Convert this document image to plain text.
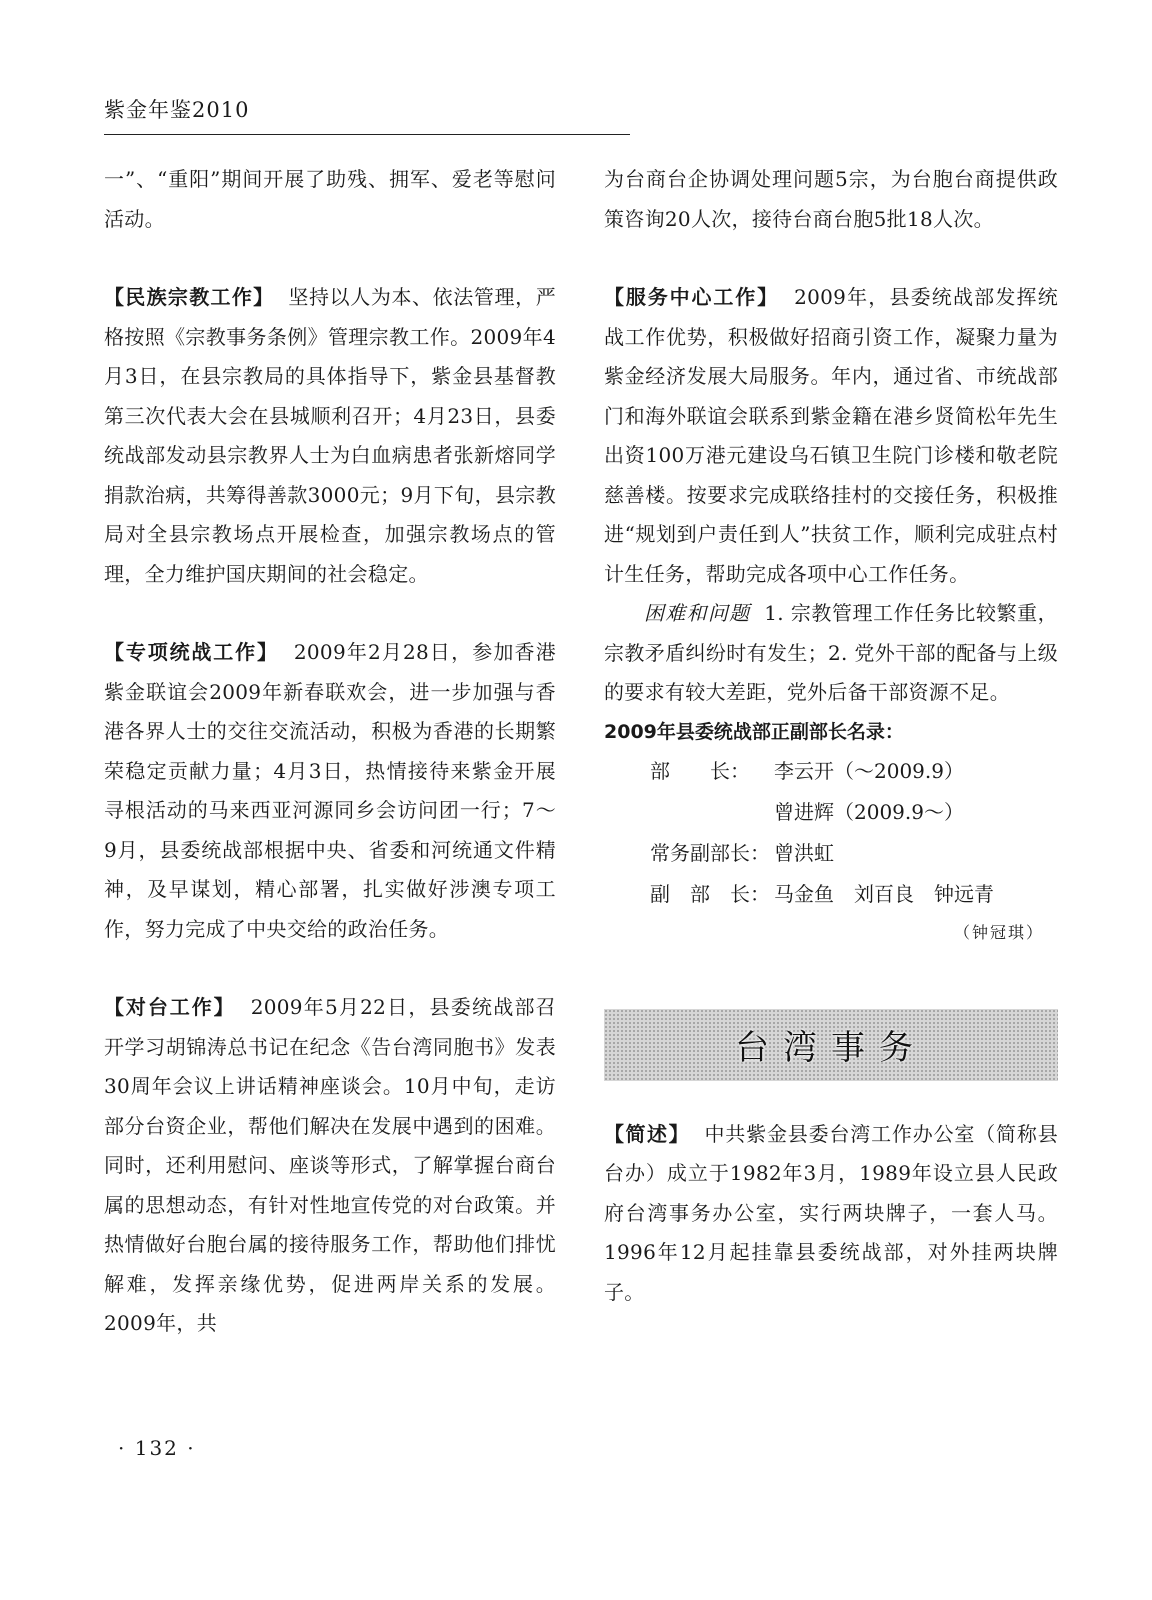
紫金年鉴2010

一”、“重阳”期间开展了助残、拥军、爱老等慰问活动。

【民族宗教工作】 坚持以人为本、依法管理，严格按照《宗教事务条例》管理宗教工作。2009年4月3日，在县宗教局的具体指导下，紫金县基督教第三次代表大会在县城顺利召开；4月23日，县委统战部发动县宗教界人士为白血病患者张新熔同学捐款治病，共筹得善款3000元；9月下旬，县宗教局对全县宗教场点开展检查，加强宗教场点的管理，全力维护国庆期间的社会稳定。

【专项统战工作】 2009年2月28日，参加香港紫金联谊会2009年新春联欢会，进一步加强与香港各界人士的交往交流活动，积极为香港的长期繁荣稳定贡献力量；4月3日，热情接待来紫金开展寻根活动的马来西亚河源同乡会访问团一行；7～9月，县委统战部根据中央、省委和河统通文件精神，及早谋划，精心部署，扎实做好涉澳专项工作，努力完成了中央交给的政治任务。

【对台工作】 2009年5月22日，县委统战部召开学习胡锦涛总书记在纪念《告台湾同胞书》发表30周年会议上讲话精神座谈会。10月中旬，走访部分台资企业，帮他们解决在发展中遇到的困难。同时，还利用慰问、座谈等形式，了解掌握台商台属的思想动态，有针对性地宣传党的对台政策。并热情做好台胞台属的接待服务工作，帮助他们排忧解难，发挥亲缘优势，促进两岸关系的发展。2009年，共

为台商台企协调处理问题5宗，为台胞台商提供政策咨询20人次，接待台商台胞5批18人次。

【服务中心工作】 2009年，县委统战部发挥统战工作优势，积极做好招商引资工作，凝聚力量为紫金经济发展大局服务。年内，通过省、市统战部门和海外联谊会联系到紫金籍在港乡贤简松年先生出资100万港元建设乌石镇卫生院门诊楼和敬老院慈善楼。按要求完成联络挂村的交接任务，积极推进“规划到户责任到人”扶贫工作，顺利完成驻点村计生任务，帮助完成各项中心工作任务。

困难和问题 1. 宗教管理工作任务比较繁重，宗教矛盾纠纷时有发生；2. 党外干部的配备与上级的要求有较大差距，党外后备干部资源不足。

2009年县委统战部正副部长名录：
部　　长：	李云开（～2009.9）
曾进辉（2009.9～）
常务副部长： 曾洪虹
副　部　长： 马金鱼　刘百良　钟远青
（钟冠琪）
台湾事务

【简述】 中共紫金县委台湾工作办公室（简称县台办）成立于1982年3月，1989年设立县人民政府台湾事务办公室，实行两块牌子，一套人马。1996年12月起挂靠县委统战部，对外挂两块牌子。

· 132 ·
